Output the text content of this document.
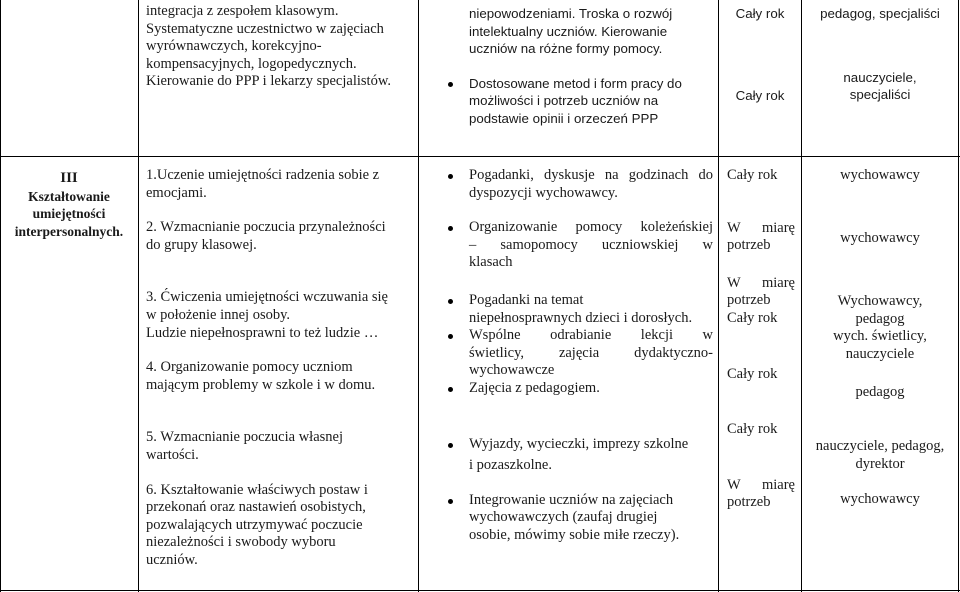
integracja z zespołem klasowym.
Systematyczne uczestnictwo w zajęciach
wyrównawczych, korekcyjno-
kompensacyjnych, logopedycznych.
Kierowanie do PPP i lekarzy specjalistów.
niepowodzeniami. Troska o rozwój
intelektualny uczniów. Kierowanie
uczniów na różne formy pomocy.
Dostosowane metod i form pracy do
możliwości i potrzeb uczniów na
podstawie opinii i orzeczeń PPP
Cały rok
Cały rok
pedagog, specjaliści
nauczyciele,
specjaliści
III
Kształtowanie
umiejętności
interpersonalnych.
1.Uczenie umiejętności radzenia sobie z
emocjami.
2. Wzmacnianie poczucia przynależności
do grupy klasowej.
3. Ćwiczenia umiejętności wczuwania się
w położenie innej osoby.
Ludzie niepełnosprawni to też ludzie …
4. Organizowanie pomocy uczniom
mającym problemy w szkole i w domu.
5. Wzmacnianie poczucia własnej
wartości.
6. Kształtowanie właściwych postaw i
przekonań oraz nastawień osobistych,
pozwalających utrzymywać poczucie
niezależności i swobody wyboru
uczniów.
Pogadanki, dyskusje na godzinach do
dyspozycji wychowawcy.
Organizowanie pomocy koleżeńskiej
– samopomocy uczniowskiej w
klasach
Pogadanki na temat
niepełnosprawnych dzieci i dorosłych.
Wspólne odrabianie lekcji w
świetlicy, zajęcia dydaktyczno-
wychowawcze
Zajęcia z pedagogiem.
Wyjazdy, wycieczki, imprezy szkolne
i pozaszkolne.
Integrowanie uczniów na zajęciach
wychowawczych (zaufaj drugiej
osobie, mówimy sobie miłe rzeczy).
Cały rok
W miarę
potrzeb
W miarę
potrzeb
Cały rok
Cały rok
Cały rok
W miarę
potrzeb
wychowawcy
wychowawcy
Wychowawcy,
pedagog
wych. świetlicy,
nauczyciele
pedagog
nauczyciele, pedagog,
dyrektor
wychowawcy
